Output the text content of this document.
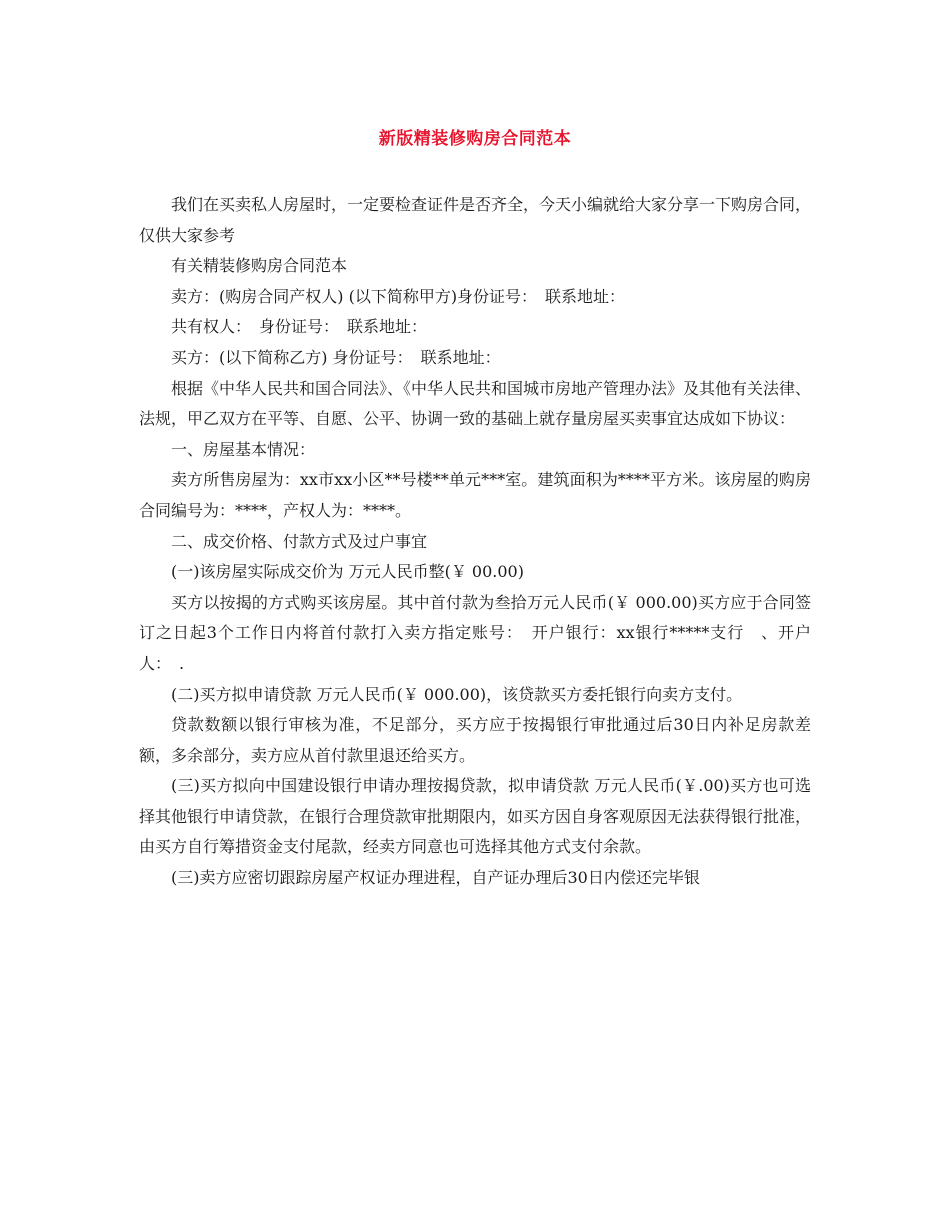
新版精装修购房合同范本

我们在买卖私人房屋时，一定要检查证件是否齐全，今天小编就给大家分享一下购房合同，仅供大家参考

有关精装修购房合同范本

卖方：(购房合同产权人) (以下简称甲方)身份证号：　联系地址：

共有权人：　身份证号：　联系地址：

买方：(以下简称乙方) 身份证号：　联系地址：

根据《中华人民共和国合同法》、《中华人民共和国城市房地产管理办法》及其他有关法律、法规，甲乙双方在平等、自愿、公平、协调一致的基础上就存量房屋买卖事宜达成如下协议：

一、房屋基本情况：

卖方所售房屋为：xx市xx小区**号楼**单元***室。建筑面积为****平方米。该房屋的购房合同编号为：****，产权人为：****。

二、成交价格、付款方式及过户事宜

(一)该房屋实际成交价为 万元人民币整(￥ 00.00)

买方以按揭的方式购买该房屋。其中首付款为叁拾万元人民币(￥ 000.00)买方应于合同签订之日起3个工作日内将首付款打入卖方指定账号：　开户银行：xx银行*****支行　、开户人：　.

(二)买方拟申请贷款 万元人民币(￥ 000.00)，该贷款买方委托银行向卖方支付。

贷款数额以银行审核为准，不足部分，买方应于按揭银行审批通过后30日内补足房款差额，多余部分，卖方应从首付款里退还给买方。

(三)买方拟向中国建设银行申请办理按揭贷款，拟申请贷款 万元人民币(￥.00)买方也可选择其他银行申请贷款，在银行合理贷款审批期限内，如买方因自身客观原因无法获得银行批准，由买方自行筹措资金支付尾款，经卖方同意也可选择其他方式支付余款。

(三)卖方应密切跟踪房屋产权证办理进程，自产证办理后30日内偿还完毕银
